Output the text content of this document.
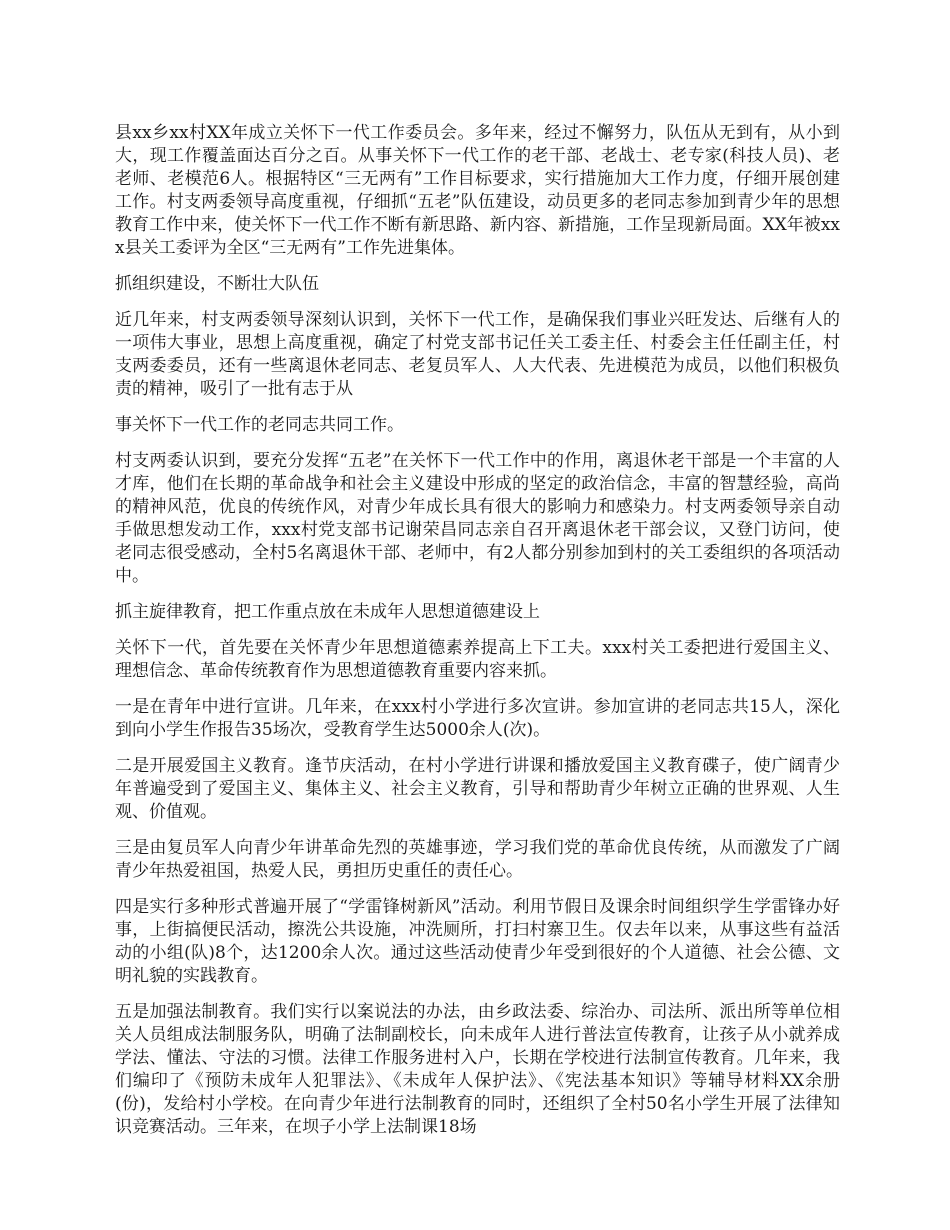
县xx乡xx村XX年成立关怀下一代工作委员会。多年来，经过不懈努力，队伍从无到有，从小到大，现工作覆盖面达百分之百。从事关怀下一代工作的老干部、老战士、老专家(科技人员)、老老师、老模范6人。根据特区“三无两有”工作目标要求，实行措施加大工作力度，仔细开展创建工作。村支两委领导高度重视，仔细抓“五老”队伍建设，动员更多的老同志参加到青少年的思想教育工作中来，使关怀下一代工作不断有新思路、新内容、新措施，工作呈现新局面。XX年被xxx县关工委评为全区“三无两有”工作先进集体。

抓组织建设，不断壮大队伍

近几年来，村支两委领导深刻认识到，关怀下一代工作，是确保我们事业兴旺发达、后继有人的一项伟大事业，思想上高度重视，确定了村党支部书记任关工委主任、村委会主任任副主任，村支两委委员，还有一些离退休老同志、老复员军人、人大代表、先进模范为成员，以他们积极负责的精神，吸引了一批有志于从

事关怀下一代工作的老同志共同工作。

村支两委认识到，要充分发挥“五老”在关怀下一代工作中的作用，离退休老干部是一个丰富的人才库，他们在长期的革命战争和社会主义建设中形成的坚定的政治信念，丰富的智慧经验，高尚的精神风范，优良的传统作风，对青少年成长具有很大的影响力和感染力。村支两委领导亲自动手做思想发动工作，xxx村党支部书记谢荣昌同志亲自召开离退休老干部会议，又登门访问，使老同志很受感动，全村5名离退休干部、老师中，有2人都分别参加到村的关工委组织的各项活动中。

抓主旋律教育，把工作重点放在未成年人思想道德建设上

关怀下一代，首先要在关怀青少年思想道德素养提高上下工夫。xxx村关工委把进行爱国主义、理想信念、革命传统教育作为思想道德教育重要内容来抓。

一是在青年中进行宣讲。几年来，在xxx村小学进行多次宣讲。参加宣讲的老同志共15人，深化到向小学生作报告35场次，受教育学生达5000余人(次)。

二是开展爱国主义教育。逢节庆活动，在村小学进行讲课和播放爱国主义教育碟子，使广阔青少年普遍受到了爱国主义、集体主义、社会主义教育，引导和帮助青少年树立正确的世界观、人生观、价值观。

三是由复员军人向青少年讲革命先烈的英雄事迹，学习我们党的革命优良传统，从而激发了广阔青少年热爱祖国，热爱人民，勇担历史重任的责任心。

四是实行多种形式普遍开展了“学雷锋树新风”活动。利用节假日及课余时间组织学生学雷锋办好事，上街搞便民活动，擦洗公共设施，冲洗厕所，打扫村寨卫生。仅去年以来，从事这些有益活动的小组(队)8个，达1200余人次。通过这些活动使青少年受到很好的个人道德、社会公德、文明礼貌的实践教育。

五是加强法制教育。我们实行以案说法的办法，由乡政法委、综治办、司法所、派出所等单位相关人员组成法制服务队，明确了法制副校长，向未成年人进行普法宣传教育，让孩子从小就养成学法、懂法、守法的习惯。法律工作服务进村入户，长期在学校进行法制宣传教育。几年来，我们编印了《预防未成年人犯罪法》、《未成年人保护法》、《宪法基本知识》等辅导材料XX余册(份)，发给村小学校。在向青少年进行法制教育的同时，还组织了全村50名小学生开展了法律知识竞赛活动。三年来，在坝子小学上法制课18场
